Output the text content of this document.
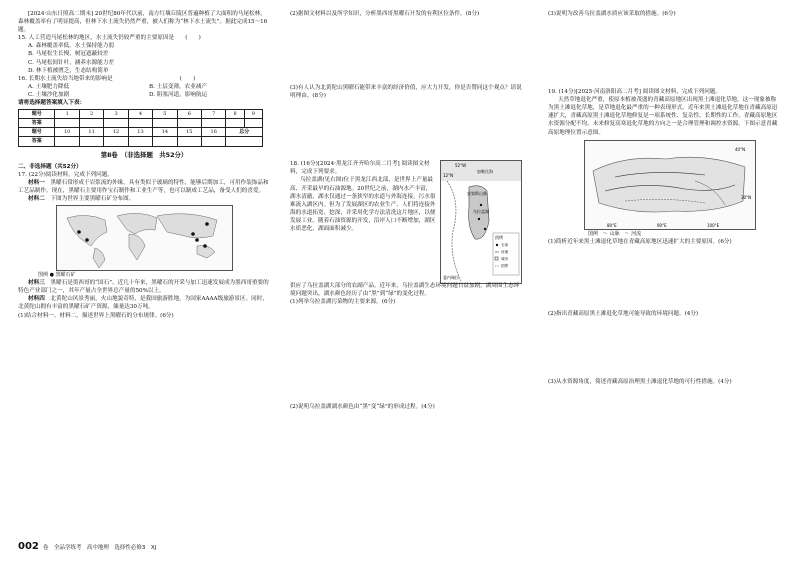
[2024·山东日照高二期末] 20世纪80年代以前，南方红壤丘陵区普遍种植了大面积的马尾松林，森林覆盖率有了明显提高，但林下水土流失仍然严重，被人们称为“林下水土流失”。据此完成15～16题。

15. 人工营造马尾松林的地区，水土流失仍较严重的主要原因是　　(　　)

A. 森林覆盖率低，水土保持能力弱

B. 马尾松生长慢，树冠遮蔽较差

C. 马尾松间针叶，涵养水源能力差

D. 林下植被匮乏，生态结构简单

16. 长期水土流失给当地带来的影响是　　　　　　　　　　　　(　　)

A. 土壤肥力降低	B. 土层变薄，农业减产

C. 土壤沙化加剧	D. 阻塞河道，影响航运

请将选择题答案填入下表：

题号	1	2	3	4	5	6	7	8	9
答案									
题号	10	11	12	13	14	15	16	总分	
答案									
第Ⅱ卷　（非选择题　共52分）

二、非选择题（共52分）

17. (22分)阅读材料，完成下列问题。

材料一　 黑曜石常形成于岩浆流的外缘，具有类似于玻璃的特性，能够后期加工，可用作装饰品和工艺品制作。现在，黑曜石主要用作宝石制作和工业生产等，也可以制成工艺品，备受人们的喜爱。

材料二　 下图为世界主要黑曜石矿分布图。

图例 ● 黑曜石矿

材料三　 黑曜石是墨西哥的“国石”。近几十年来，黑曜石的开采与加工迅速发展成为墨西哥重要的特色产业部门之一，其年产量占全世界总产量的50%以上。

材料四　 北黄陀山风景秀丽，火山地貌奇特，是我国旅游胜地，为国家AAAA级旅游景区。同时，北黄陀山拥有丰富的黑曜石矿产资源，储量达30万吨。

(1)结合材料一、材料二，描述世界上黑曜石的分布规律。(6分)

(2)据图文材料以及所学知识，分析墨西哥黑曜石开发的有利区位条件。(8分)

(3)有人认为北黄陀山黑曜石能带来丰富的经济价值，应大力开发，你是否赞同这个观点？请说明理由。(8分)

18. (16分)[2024·黑龙江齐齐哈尔高二月考] 阅读图文材料，完成下列要求。

乌拉盖湖(见右图)位于黑龙江西北部，是世界上产量最高、开采最早的石油源地。20世纪之前，湖内水产丰富，湖水清澈，湖水仅通过一条狭窄的水道与外海连接，污水很难流入湖区内。但为了发展湖区的农业生产，人们将连接外海的水道拓宽、挖深，并采用化学方法清洗这片地区，以便发展工业。随着石油资源的开发，沿岸人口不断增加，湖区水质恶化，湖面面积减少。

52°W
12°N
加勒比海
安第斯山脉
乌拉盖湖
图例
石油
河流
城市
国界
委内瑞拉

供应了乌拉盖湖大部分的农副产品。近年来，乌拉盖湖生态环境问题日益加剧，湖周围生态环境问题突出，湖水颜色经历了由“黑”到“绿”的变化过程。

(1)列举乌拉盖湖污染物的主要来源。(6分)

(2)说明乌拉盖湖湖水颜色由“黑”变“绿”的形成过程。(4分)

(3)说明为改善乌拉盖湖水质应该采取的措施。(6分)

19. (14分)[2025·河南洛阳高二月考] 阅读图文材料，完成下列问题。

天然草地退化严重，使原本植被茂盛的青藏高原地区出现黑土滩退化草地，这一现象被称为黑土滩退化草地，是草地退化最严重的一种表现形式。近年来黑土滩退化草地在青藏高原迅速扩大，青藏高原黑土滩退化草地修复是一项系统性、复杂性、长期性的工作。青藏高原地区水资源分配不均，未来修复高寒退化草地的方向之一是合理管理和调控水资源。下图示意青藏高原地理位置示意图。

40°N
30°N
80°E	90°E	100°E
图例　～ 山脉　～ 河流

(1)简析近年来黑土滩退化草地在青藏高原地区迅速扩大的主要原因。(6分)

(2)指出青藏高原黑土滩退化草地可能导致的环境问题。(4分)

(3)从水资源角度，简述青藏高原治理黑土滩退化草地的可行性措施。(4分)

002 卷　全品学练考　高中地理　选择性必修3　XJ
